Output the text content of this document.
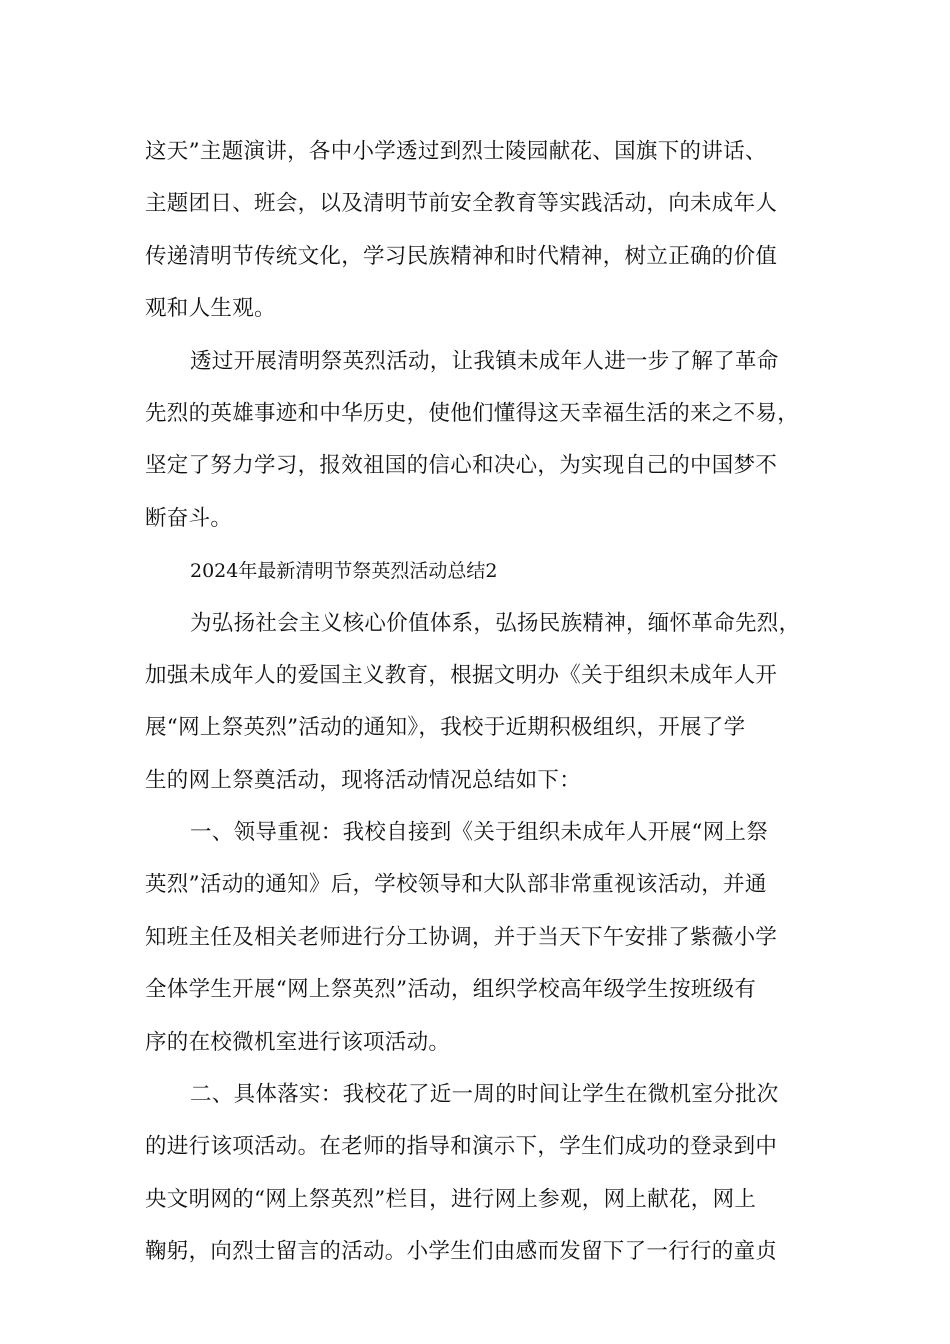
这天”主题演讲，各中小学透过到烈士陵园献花、国旗下的讲话、
主题团日、班会，以及清明节前安全教育等实践活动，向未成年人
传递清明节传统文化，学习民族精神和时代精神，树立正确的价值
观和人生观。
透过开展清明祭英烈活动，让我镇未成年人进一步了解了革命
先烈的英雄事迹和中华历史，使他们懂得这天幸福生活的来之不易，
坚定了努力学习，报效祖国的信心和决心，为实现自己的中国梦不
断奋斗。
2024年最新清明节祭英烈活动总结2
为弘扬社会主义核心价值体系，弘扬民族精神，缅怀革命先烈，
加强未成年人的爱国主义教育，根据文明办《关于组织未成年人开
展“网上祭英烈”活动的通知》，我校于近期积极组织，开展了学
生的网上祭奠活动，现将活动情况总结如下：
一、领导重视：我校自接到《关于组织未成年人开展“网上祭
英烈”活动的通知》后，学校领导和大队部非常重视该活动，并通
知班主任及相关老师进行分工协调，并于当天下午安排了紫薇小学
全体学生开展“网上祭英烈”活动，组织学校高年级学生按班级有
序的在校微机室进行该项活动。
二、具体落实：我校花了近一周的时间让学生在微机室分批次
的进行该项活动。在老师的指导和演示下，学生们成功的登录到中
央文明网的“网上祭英烈”栏目，进行网上参观，网上献花，网上
鞠躬，向烈士留言的活动。小学生们由感而发留下了一行行的童贞
